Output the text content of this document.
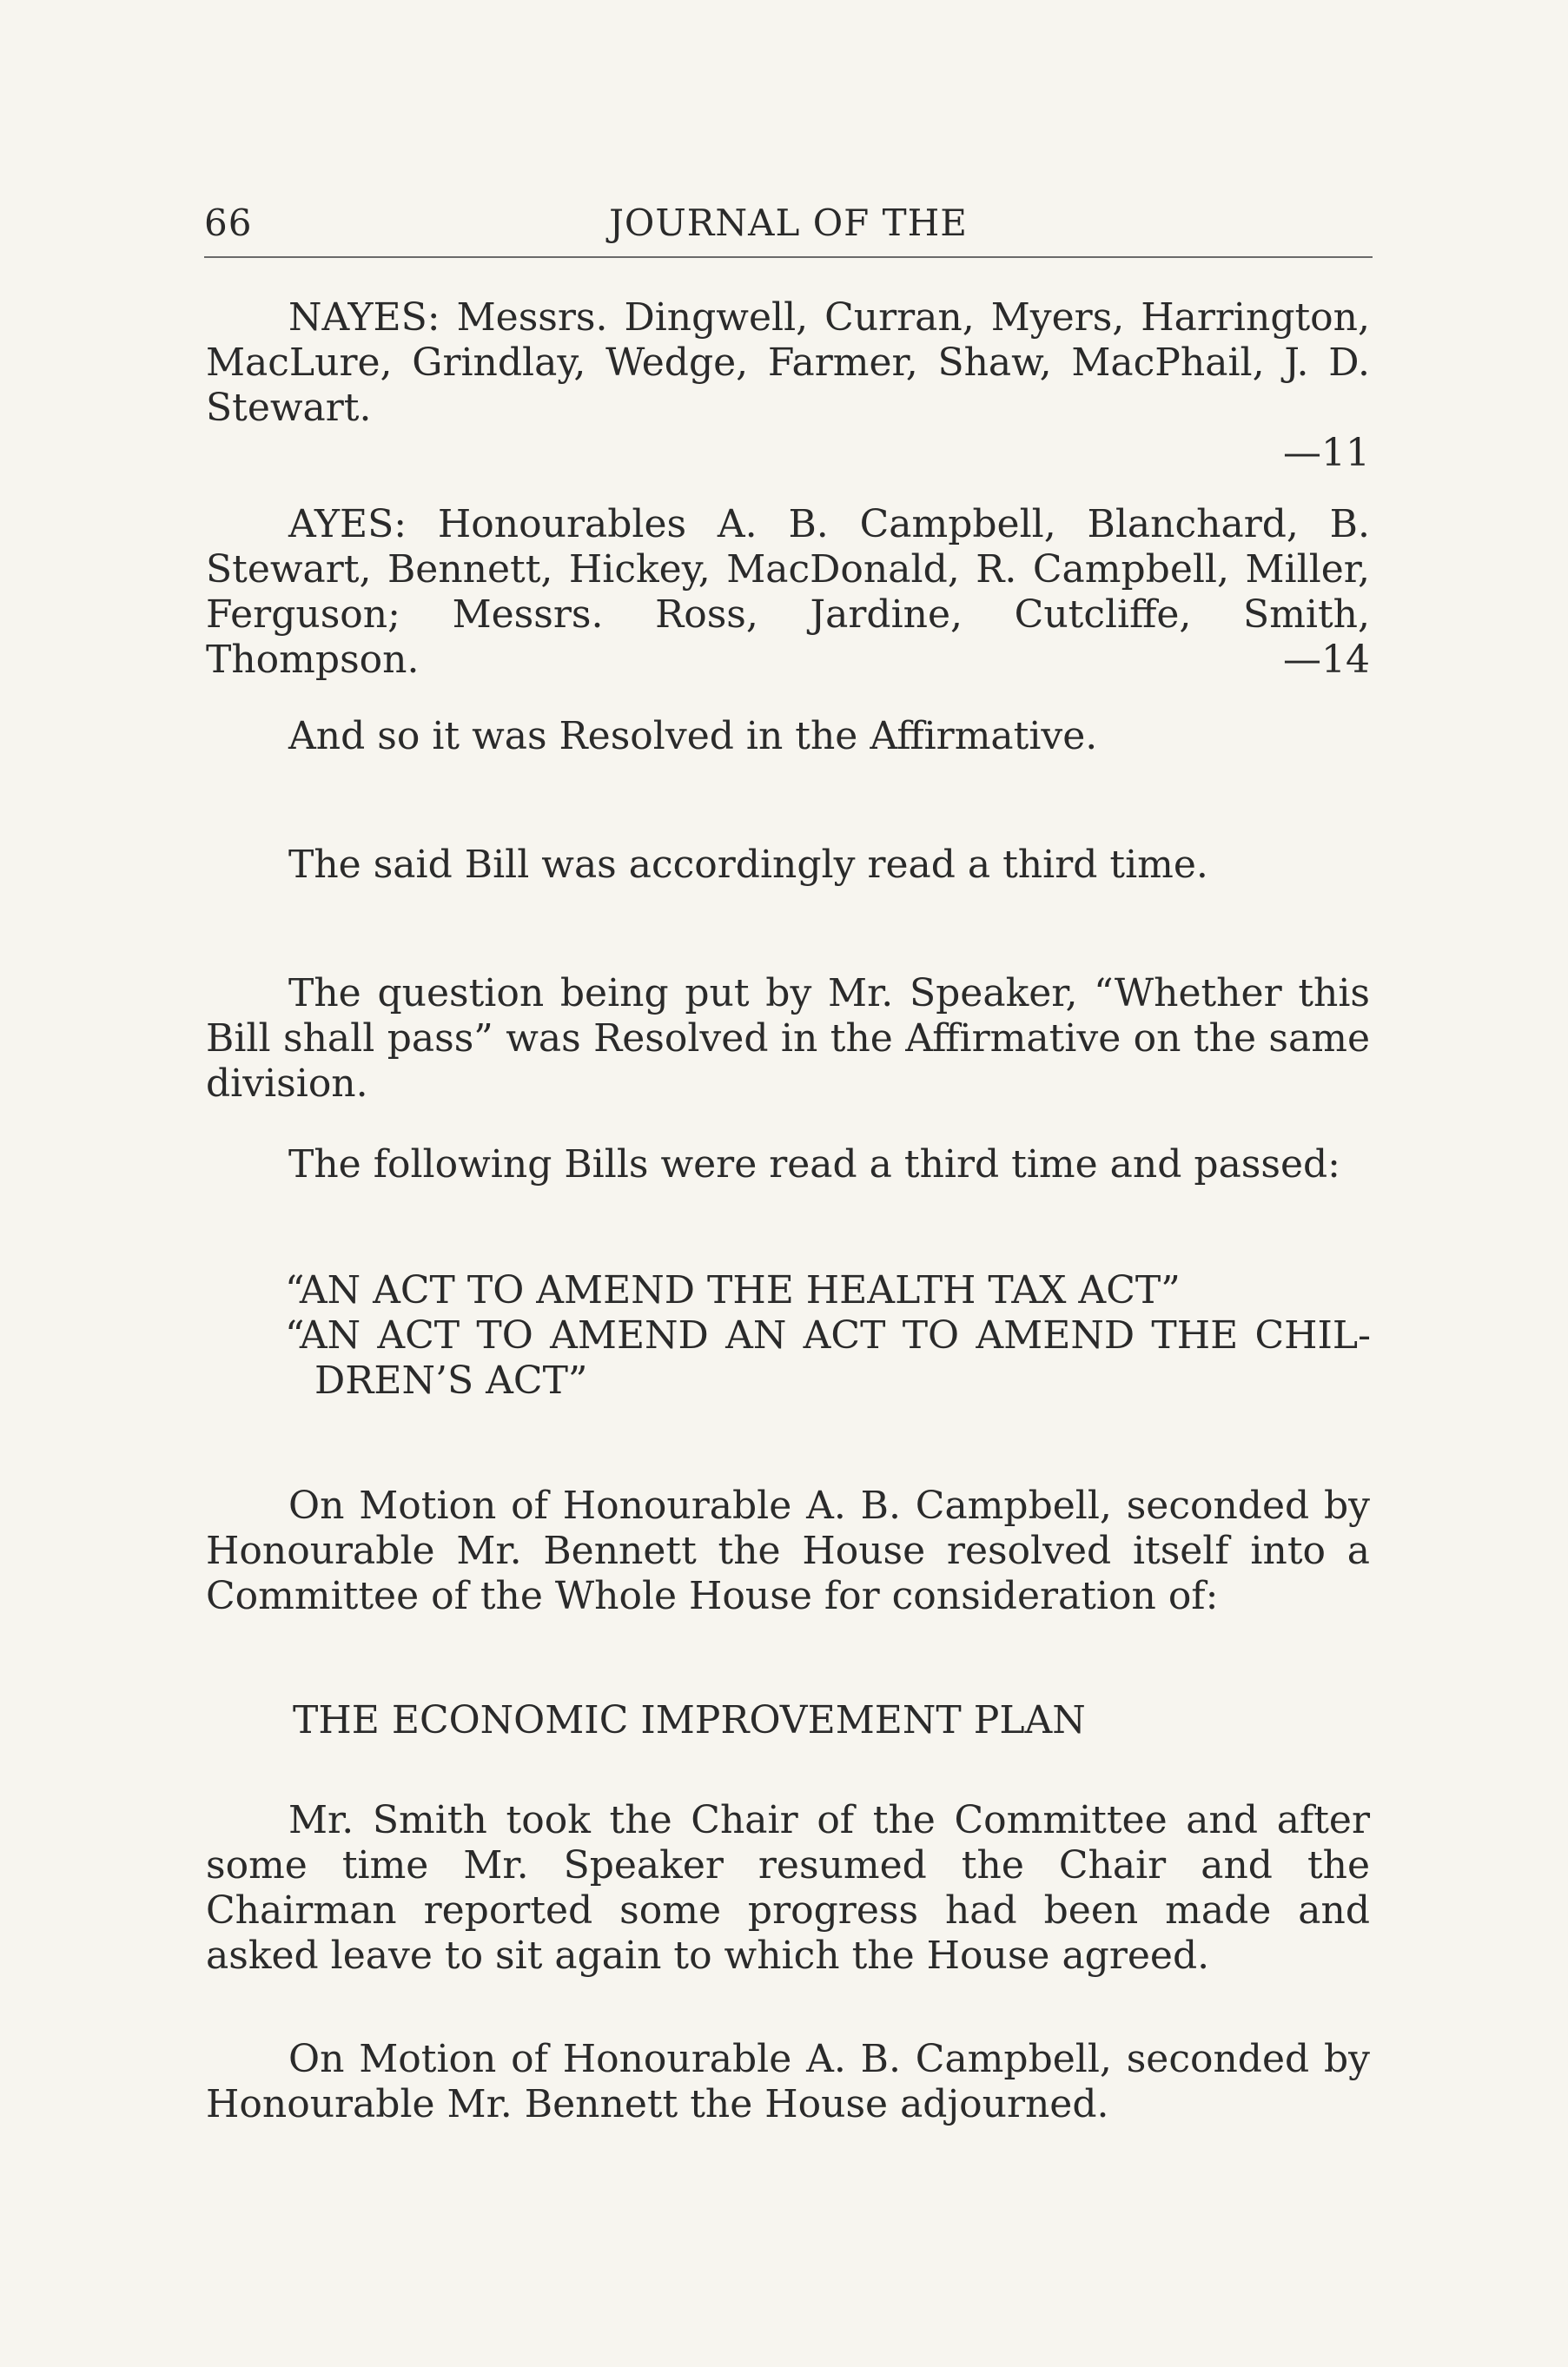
66	JOURNAL OF THE

NAYES: Messrs. Dingwell, Curran, Myers, Harrington, MacLure, Grindlay, Wedge, Farmer, Shaw, MacPhail, J. D. Stewart.
—11

AYES: Honourables A. B. Campbell, Blanchard, B. Stewart, Bennett, Hickey, MacDonald, R. Campbell, Miller, Ferguson; Messrs. Ross, Jardine, Cutcliffe, Smith, Thompson.	—14

And so it was Resolved in the Affirmative.

The said Bill was accordingly read a third time.

The question being put by Mr. Speaker, “Whether this Bill shall pass” was Resolved in the Affirmative on the same division.

The following Bills were read a third time and passed:

“AN ACT TO AMEND THE HEALTH TAX ACT”

“AN ACT TO AMEND AN ACT TO AMEND THE CHIL-

DREN’S ACT”

On Motion of Honourable A. B. Campbell, seconded by Honourable Mr. Bennett the House resolved itself into a Committee of the Whole House for consideration of:

THE ECONOMIC IMPROVEMENT PLAN

Mr. Smith took the Chair of the Committee and after some time Mr. Speaker resumed the Chair and the Chairman reported some progress had been made and asked leave to sit again to which the House agreed.

On Motion of Honourable A. B. Campbell, seconded by Honourable Mr. Bennett the House adjourned.
